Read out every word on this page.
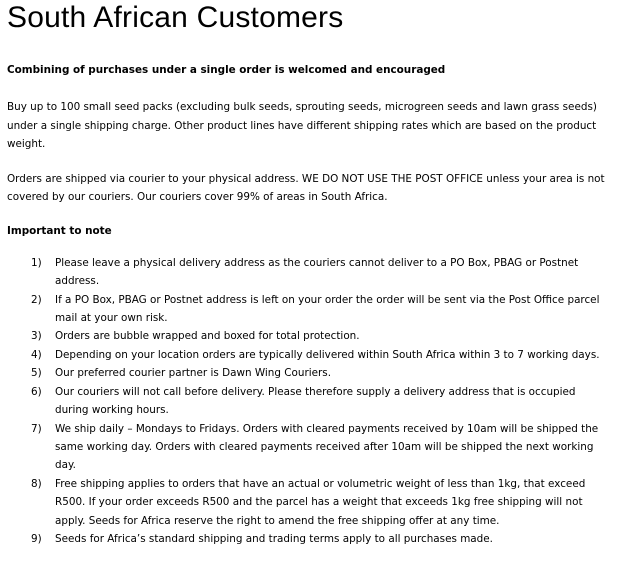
South African Customers

Combining of purchases under a single order is welcomed and encouraged

Buy up to 100 small seed packs (excluding bulk seeds, sprouting seeds, microgreen seeds and lawn grass seeds) under a single shipping charge. Other product lines have different shipping rates which are based on the product weight.

Orders are shipped via courier to your physical address. WE DO NOT USE THE POST OFFICE unless your area is not covered by our couriers. Our couriers cover 99% of areas in South Africa.

Important to note

1) Please leave a physical delivery address as the couriers cannot deliver to a PO Box, PBAG or Postnet address.
2) If a PO Box, PBAG or Postnet address is left on your order the order will be sent via the Post Office parcel mail at your own risk.
3) Orders are bubble wrapped and boxed for total protection.
4) Depending on your location orders are typically delivered within South Africa within 3 to 7 working days.
5) Our preferred courier partner is Dawn Wing Couriers.
6) Our couriers will not call before delivery. Please therefore supply a delivery address that is occupied during working hours.
7) We ship daily – Mondays to Fridays. Orders with cleared payments received by 10am will be shipped the same working day. Orders with cleared payments received after 10am will be shipped the next working day.
8) Free shipping applies to orders that have an actual or volumetric weight of less than 1kg, that exceed R500. If your order exceeds R500 and the parcel has a weight that exceeds 1kg free shipping will not apply. Seeds for Africa reserve the right to amend the free shipping offer at any time.
9) Seeds for Africa’s standard shipping and trading terms apply to all purchases made.
